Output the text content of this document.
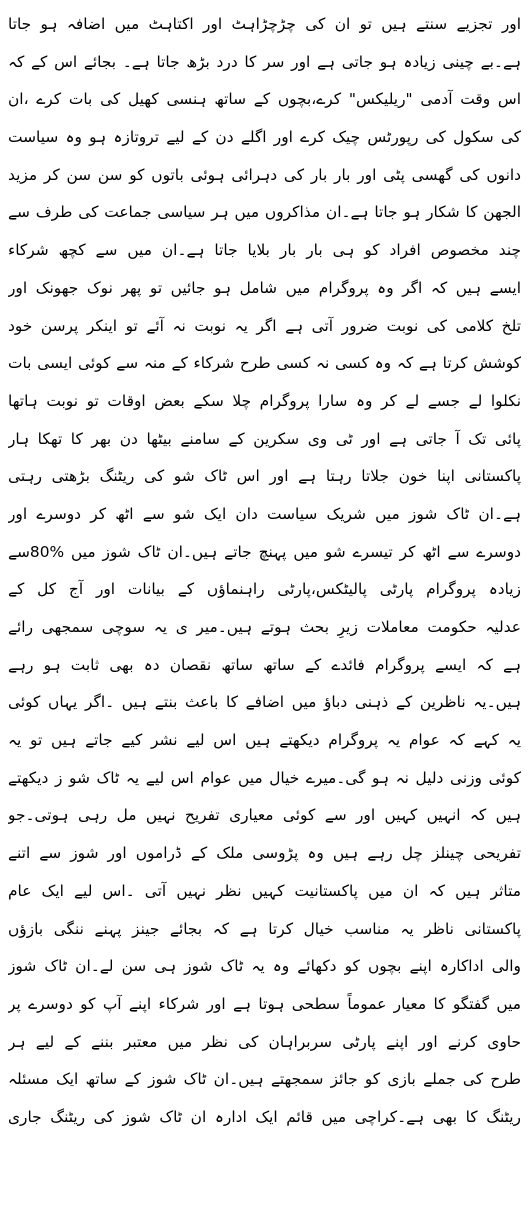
اور تجزیے سنتے ہیں تو ان کی چڑچڑاہٹ اور اکتاہٹ میں اضافہ ہو جاتا
ہے۔بے چینی زیادہ ہو جاتی ہے اور سر کا درد بڑھ جاتا ہے۔ بجائے اس کے کہ
اس وقت آدمی "ریلیکس" کرے،بچوں کے ساتھ ہنسی کھیل کی بات کرے ،ان
کی سکول کی رپورٹس چیک کرے اور اگلے دن کے لیے تروتازہ ہو وہ سیاست
دانوں کی گھسی پٹی اور بار بار کی دہرائی ہوئی باتوں کو سن سن کر مزید
الجھن کا شکار ہو جاتا ہے۔ان مذاکروں میں ہر سیاسی جماعت کی طرف سے
چند مخصوص افراد کو ہی بار بار بلایا جاتا ہے۔ان میں سے کچھ شرکاء
ایسے ہیں کہ اگر وہ پروگرام میں شامل ہو جائیں تو پھر نوک جھونک اور
تلخ کلامی کی نوبت ضرور آتی ہے اگر یہ نوبت نہ آئے تو اینکر پرسن خود
کوشش کرتا ہے کہ وہ کسی نہ کسی طرح شرکاء کے منہ سے کوئی ایسی بات
نکلوا لے جسے لے کر وہ سارا پروگرام چلا سکے بعض اوقات تو نوبت ہاتھا
پائی تک آ جاتی ہے اور ٹی وی سکرین کے سامنے بیٹھا دن بھر کا تھکا ہار
پاکستانی اپنا خون جلاتا رہتا ہے اور اس ٹاک شو کی ریٹنگ بڑھتی رہتی
ہے۔ان ٹاک شوز میں شریک سیاست دان ایک شو سے اٹھ کر دوسرے اور
دوسرے سے اٹھ کر تیسرے شو میں پہنچ جاتے ہیں۔ان ٹاک شوز میں %80سے
زیادہ پروگرام پارٹی پالیٹکس،پارٹی راہنماؤں کے بیانات اور آج کل کے
عدلیہ حکومت معاملات زیرِ بحث ہوتے ہیں۔میر ی یہ سوچی سمجھی رائے
ہے کہ ایسے پروگرام فائدے کے ساتھ ساتھ نقصان دہ بھی ثابت ہو رہے
ہیں۔یہ ناظرین کے ذہنی دباؤ میں اضافے کا باعث بنتے ہیں ۔اگر یہاں کوئی
یہ کہے کہ عوام یہ پروگرام دیکھتے ہیں اس لیے نشر کیے جاتے ہیں تو یہ
کوئی وزنی دلیل نہ ہو گی۔میرے خیال میں عوام اس لیے یہ ٹاک شو ز دیکھتے
ہیں کہ انہیں کہیں اور سے کوئی معیاری تفریح نہیں مل رہی ہوتی۔جو
تفریحی چینلز چل رہے ہیں وہ پڑوسی ملک کے ڈراموں اور شوز سے اتنے
متاثر ہیں کہ ان میں پاکستانیت کہیں نظر نہیں آتی ۔اس لیے ایک عام
پاکستانی ناظر یہ مناسب خیال کرتا ہے کہ بجائے جینز پہنے ننگی بازؤں
والی اداکارہ اپنے بچوں کو دکھائے وہ یہ ٹاک شوز ہی سن لے۔ان ٹاک شوز
میں گفتگو کا معیار عموماً سطحی ہوتا ہے اور شرکاء اپنے آپ کو دوسرے پر
حاوی کرنے اور اپنے پارٹی سربراہان کی نظر میں معتبر بننے کے لیے ہر
طرح کی جملے بازی کو جائز سمجھتے ہیں۔ان ٹاک شوز کے ساتھ ایک مسئلہ
ریٹنگ کا بھی ہے۔کراچی میں قائم ایک ادارہ ان ٹاک شوز کی ریٹنگ جاری
